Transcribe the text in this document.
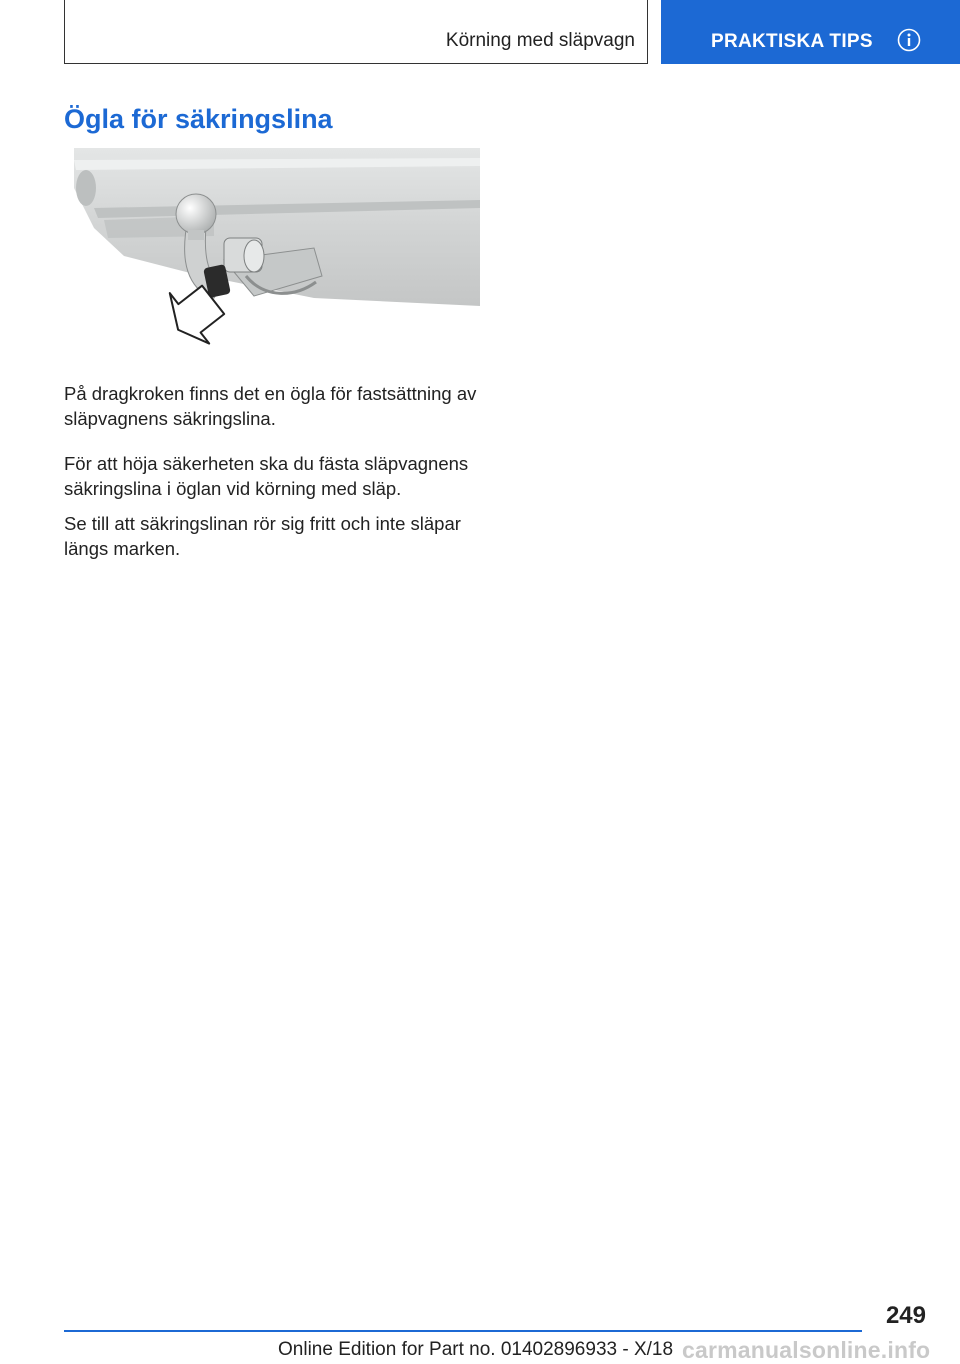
Körning med släpvagn	PRAKTISKA TIPS
Ögla för säkringslina

På dragkroken finns det en ögla för fastsättning av släpvagnens säkringslina.

För att höja säkerheten ska du fästa släpvagnens säkringslina i öglan vid körning med släp.

Se till att säkringslinan rör sig fritt och inte släpar längs marken.

249
Online Edition for Part no. 01402896933 - X/18 carmanualsonline.info
